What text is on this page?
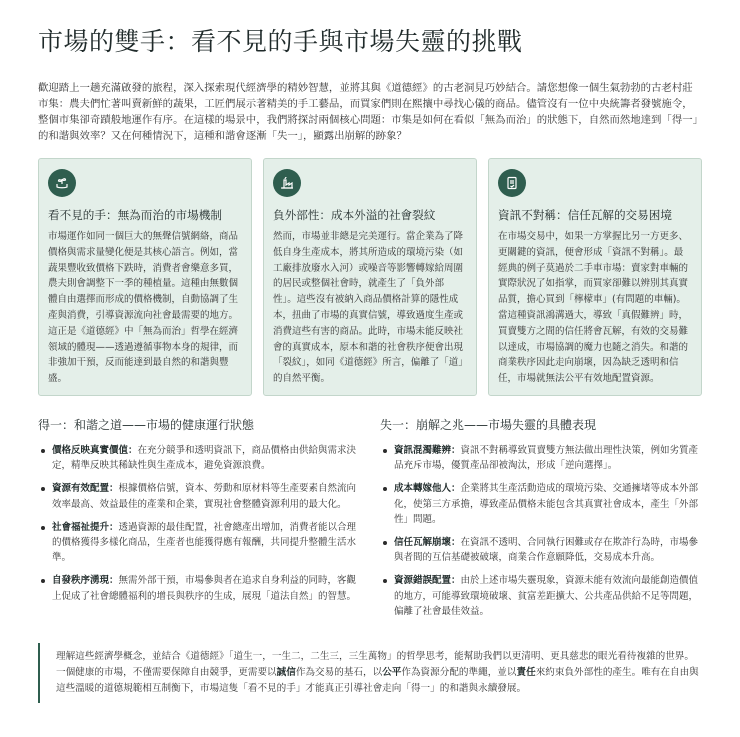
市場的雙手：看不見的手與市場失靈的挑戰

歡迎踏上一趟充滿啟發的旅程，深入探索現代經濟學的精妙智慧，並將其與《道德經》的古老洞見巧妙結合。請您想像一個生氣勃勃的古老村莊市集：農夫們忙著叫賣新鮮的蔬果，工匠們展示著精美的手工藝品，而買家們則在熙攘中尋找心儀的商品。儘管沒有一位中央統籌者發號施令，整個市集卻奇蹟般地運作有序。在這樣的場景中，我們將探討兩個核心問題：市集是如何在看似「無為而治」的狀態下，自然而然地達到「得一」的和諧與效率？又在何種情況下，這種和諧會逐漸「失一」，顯露出崩解的跡象？

看不見的手：無為而治的市場機制
市場運作如同一個巨大的無聲信號網絡，商品價格與需求量變化便是其核心語言。例如，當蔬果豐收致價格下跌時，消費者會樂意多買，農夫則會調整下一季的種植量。這種由無數個體自由選擇而形成的價格機制，自動協調了生產與消費，引導資源流向社會最需要的地方。這正是《道德經》中「無為而治」哲學在經濟領域的體現——透過遵循事物本身的規律，而非強加干預，反而能達到最自然的和諧與豐盛。
負外部性：成本外溢的社會裂紋
然而，市場並非總是完美運行。當企業為了降低自身生產成本，將其所造成的環境污染（如工廠排放廢水入河）或噪音等影響轉嫁給周圍的居民或整個社會時，就產生了「負外部性」。這些沒有被納入商品價格計算的隱性成本，扭曲了市場的真實信號，導致過度生產或消費這些有害的商品。此時，市場未能反映社會的真實成本，原本和諧的社會秩序便會出現「裂紋」，如同《道德經》所言，偏離了「道」的自然平衡。
資訊不對稱：信任瓦解的交易困境
在市場交易中，如果一方掌握比另一方更多、更關鍵的資訊，便會形成「資訊不對稱」。最經典的例子莫過於二手車市場：賣家對車輛的實際狀況了如指掌，而買家卻難以辨別其真實品質，擔心買到「檸檬車」(有問題的車輛)。當這種資訊鴻溝過大，導致「真假難辨」時，買賣雙方之間的信任將會瓦解，有效的交易難以達成，市場協調的魔力也隨之消失。和諧的商業秩序因此走向崩壞，因為缺乏透明和信任，市場就無法公平有效地配置資源。
得一：和諧之道——市場的健康運行狀態
價格反映真實價值：在充分競爭和透明資訊下，商品價格由供給與需求決定，精準反映其稀缺性與生產成本，避免資源浪費。
資源有效配置：根據價格信號，資本、勞動和原材料等生產要素自然流向效率最高、效益最佳的產業和企業，實現社會整體資源利用的最大化。
社會福祉提升：透過資源的最佳配置，社會總產出增加，消費者能以合理的價格獲得多樣化商品，生產者也能獲得應有報酬，共同提升整體生活水準。
自發秩序湧現：無需外部干預，市場參與者在追求自身利益的同時，客觀上促成了社會總體福利的增長與秩序的生成，展現「道法自然」的智慧。
失一：崩解之兆——市場失靈的具體表現
資訊混濁難辨：資訊不對稱導致買賣雙方無法做出理性決策，例如劣質產品充斥市場，優質產品卻被淘汰，形成「逆向選擇」。
成本轉嫁他人：企業將其生產活動造成的環境污染、交通擁堵等成本外部化，使第三方承擔，導致產品價格未能包含其真實社會成本，產生「外部性」問題。
信任瓦解崩壞：在資訊不透明、合同執行困難或存在欺詐行為時，市場參與者間的互信基礎被破壞，商業合作意願降低，交易成本升高。
資源錯誤配置：由於上述市場失靈現象，資源未能有效流向最能創造價值的地方，可能導致環境破壞、貧富差距擴大、公共產品供給不足等問題，偏離了社會最佳效益。
理解這些經濟學概念，並結合《道德經》「道生一，一生二，二生三，三生萬物」的哲學思考，能幫助我們以更清明、更具慈悲的眼光看待複雜的世界。一個健康的市場，不僅需要保障自由競爭，更需要以誠信作為交易的基石，以公平作為資源分配的準繩，並以責任來約束負外部性的產生。唯有在自由與這些溫暖的道德規範相互制衡下，市場這隻「看不見的手」才能真正引導社會走向「得一」的和諧與永續發展。
